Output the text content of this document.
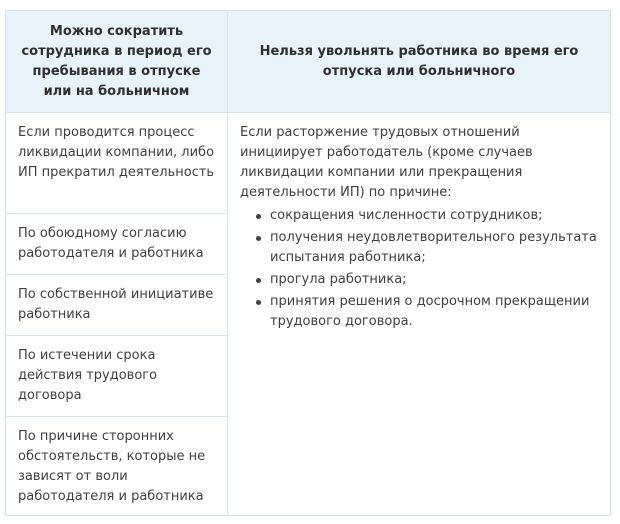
Можно сократить сотрудника в период его пребывания в отпуске или на больничном
Нельзя увольнять работника во время его отпуска или больничного
Если проводится процесс ликвидации компании, либо ИП прекратил деятельность
По обоюдному согласию работодателя и работника
По собственной инициативе работника
По истечении срока действия трудового договора
По причине сторонних обстоятельств, которые не зависят от воли работодателя и работника

Если расторжение трудовых отношений инициирует работодатель (кроме случаев ликвидации компании или прекращения деятельности ИП) по причине:

сокращения численности сотрудников;
получения неудовлетворительного результата испытания работника;
прогула работника;
принятия решения о досрочном прекращении трудового договора.
